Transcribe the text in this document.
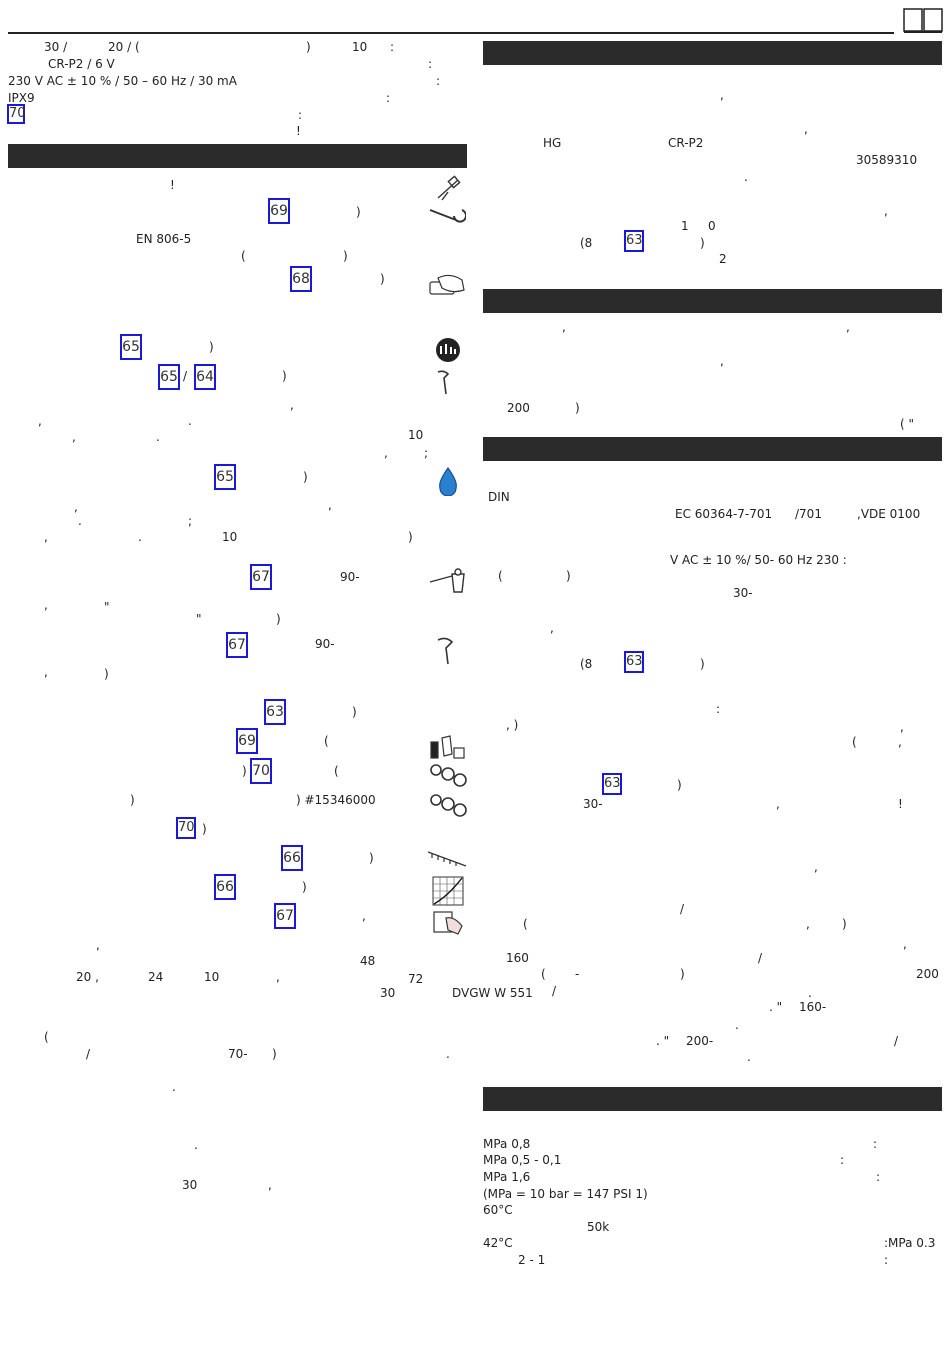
30 /	20 / (	)	10 :
CR-P2 / 6 V	:
230 V AC ± 10 % / 50 – 60 Hz / 30 mA	:
IPX9	:
70	:
!
!
69	)
EN 806-5
(	)
68	)
65	)
65 / 64	)
,
,	.
,	.	10
,	;
65	)
,
,
.	;
,	.	10	)
67	90-
,	"
"	)
67	90-
,	)
63	)
69	(
) 70	(
)	) #15346000
70 )
66	)
66	)
67	,
,
48
20 ,	24	10	,	72
30	DVGW W 551
(
/	70- )	.
.
.
30	,
,
,
HG	CR-P2
30589310
.
,
1 0
(8	63	)
2
,	,
,
200	)
( "
DIN
EC 60364-7-701 /701	,VDE 0100
V AC ± 10 %/ 50- 60 Hz 230 :
(	)
30-
,
(8	63	)
:
, )	,
(	,
63	)
30-	,	!
,
/
(	,	)
,
160	/
( -	)	200
/	.
. " 160-
.
. " 200-	/
.
MPa 0,8	:
MPa 0,5 - 0,1	:
MPa 1,6	:
(MPa = 10 bar = 147 PSI 1)
60°C
50k
42°C	:MPa 0.3
2 - 1	:
